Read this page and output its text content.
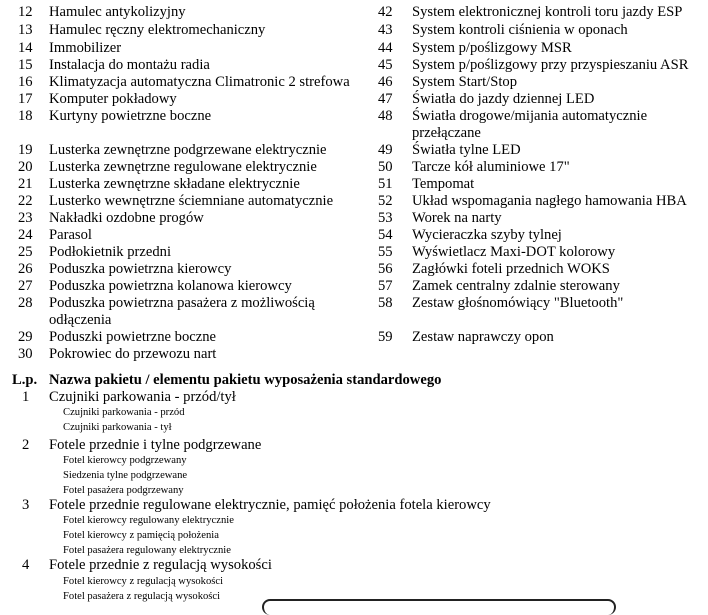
12	Hamulec antykolizyjny
13	Hamulec ręczny elektromechaniczny
14	Immobilizer
15	Instalacja do montażu radia
16	Klimatyzacja automatyczna Climatronic 2 strefowa
17	Komputer pokładowy
18	Kurtyny powietrzne boczne
19	Lusterka zewnętrzne podgrzewane elektrycznie
20	Lusterka zewnętrzne regulowane elektrycznie
21	Lusterka zewnętrzne składane elektrycznie
22	Lusterko wewnętrzne ściemniane automatycznie
23	Nakładki ozdobne progów
24	Parasol
25	Podłokietnik przedni
26	Poduszka powietrzna kierowcy
27	Poduszka powietrzna kolanowa kierowcy
28	Poduszka powietrzna pasażera z możliwością
odłączenia
29	Poduszki powietrzne boczne
30	Pokrowiec do przewozu nart
42	System elektronicznej kontroli toru jazdy ESP
43	System kontroli ciśnienia w oponach
44	System p/poślizgowy MSR
45	System p/poślizgowy przy przyspieszaniu ASR
46	System Start/Stop
47	Światła do jazdy dziennej LED
48	Światła drogowe/mijania automatycznie
przełączane
49	Światła tylne LED
50	Tarcze kół aluminiowe 17"
51	Tempomat
52	Układ wspomagania nagłego hamowania HBA
53	Worek na narty
54	Wycieraczka szyby tylnej
55	Wyświetlacz Maxi-DOT kolorowy
56	Zagłówki foteli przednich WOKS
57	Zamek centralny zdalnie sterowany
58	Zestaw głośnomówiący "Bluetooth"
59	Zestaw naprawczy opon
L.p. Nazwa pakietu / elementu pakietu wyposażenia standardowego
1	Czujniki parkowania - przód/tył
Czujniki parkowania - przód
Czujniki parkowania - tył
2	Fotele przednie i tylne podgrzewane
Fotel kierowcy podgrzewany
Siedzenia tylne podgrzewane
Fotel pasażera podgrzewany
3	Fotele przednie regulowane elektrycznie, pamięć położenia fotela kierowcy
Fotel kierowcy regulowany elektrycznie
Fotel kierowcy z pamięcią położenia
Fotel pasażera regulowany elektrycznie
4	Fotele przednie z regulacją wysokości
Fotel kierowcy z regulacją wysokości
Fotel pasażera z regulacją wysokości
